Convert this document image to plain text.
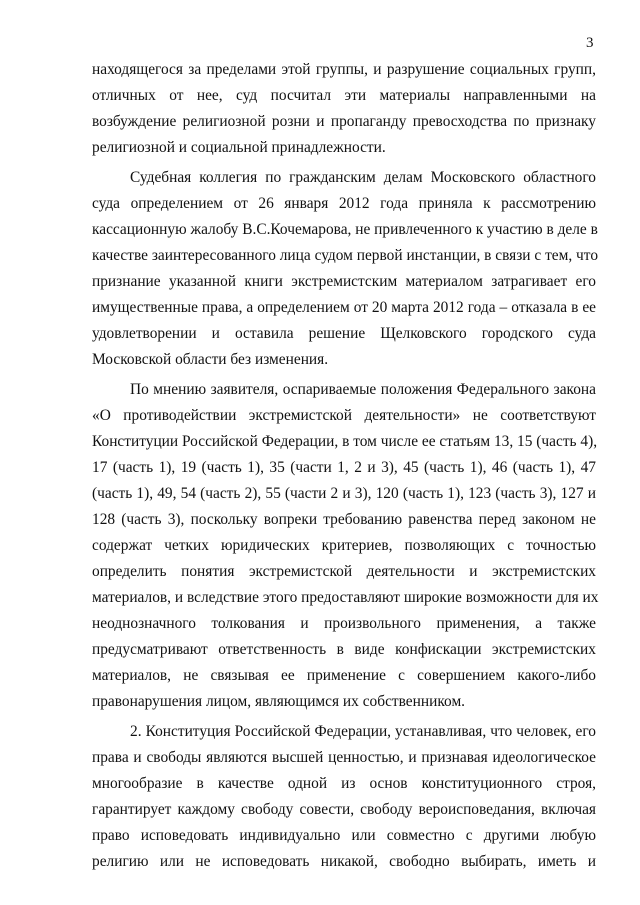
3
находящегося за пределами этой группы, и разрушение социальных групп,
отличных от нее, суд посчитал эти материалы направленными на
возбуждение религиозной розни и пропаганду превосходства по признаку
религиозной и социальной принадлежности.
Судебная коллегия по гражданским делам Московского областного
суда определением от 26 января 2012 года приняла к рассмотрению
кассационную жалобу В.С.Кочемарова, не привлеченного к участию в деле в
качестве заинтересованного лица судом первой инстанции, в связи с тем, что
признание указанной книги экстремистским материалом затрагивает его
имущественные права, а определением от 20 марта 2012 года – отказала в ее
удовлетворении и оставила решение Щелковского городского суда
Московской области без изменения.
По мнению заявителя, оспариваемые положения Федерального закона
«О противодействии экстремистской деятельности» не соответствуют
Конституции Российской Федерации, в том числе ее статьям 13, 15 (часть 4),
17 (часть 1), 19 (часть 1), 35 (части 1, 2 и 3), 45 (часть 1), 46 (часть 1), 47
(часть 1), 49, 54 (часть 2), 55 (части 2 и 3), 120 (часть 1), 123 (часть 3), 127 и
128 (часть 3), поскольку вопреки требованию равенства перед законом не
содержат четких юридических критериев, позволяющих с точностью
определить понятия экстремистской деятельности и экстремистских
материалов, и вследствие этого предоставляют широкие возможности для их
неоднозначного толкования и произвольного применения, а также
предусматривают ответственность в виде конфискации экстремистских
материалов, не связывая ее применение с совершением какого-либо
правонарушения лицом, являющимся их собственником.
2. Конституция Российской Федерации, устанавливая, что человек, его
права и свободы являются высшей ценностью, и признавая идеологическое
многообразие в качестве одной из основ конституционного строя,
гарантирует каждому свободу совести, свободу вероисповедания, включая
право исповедовать индивидуально или совместно с другими любую
религию или не исповедовать никакой, свободно выбирать, иметь и
